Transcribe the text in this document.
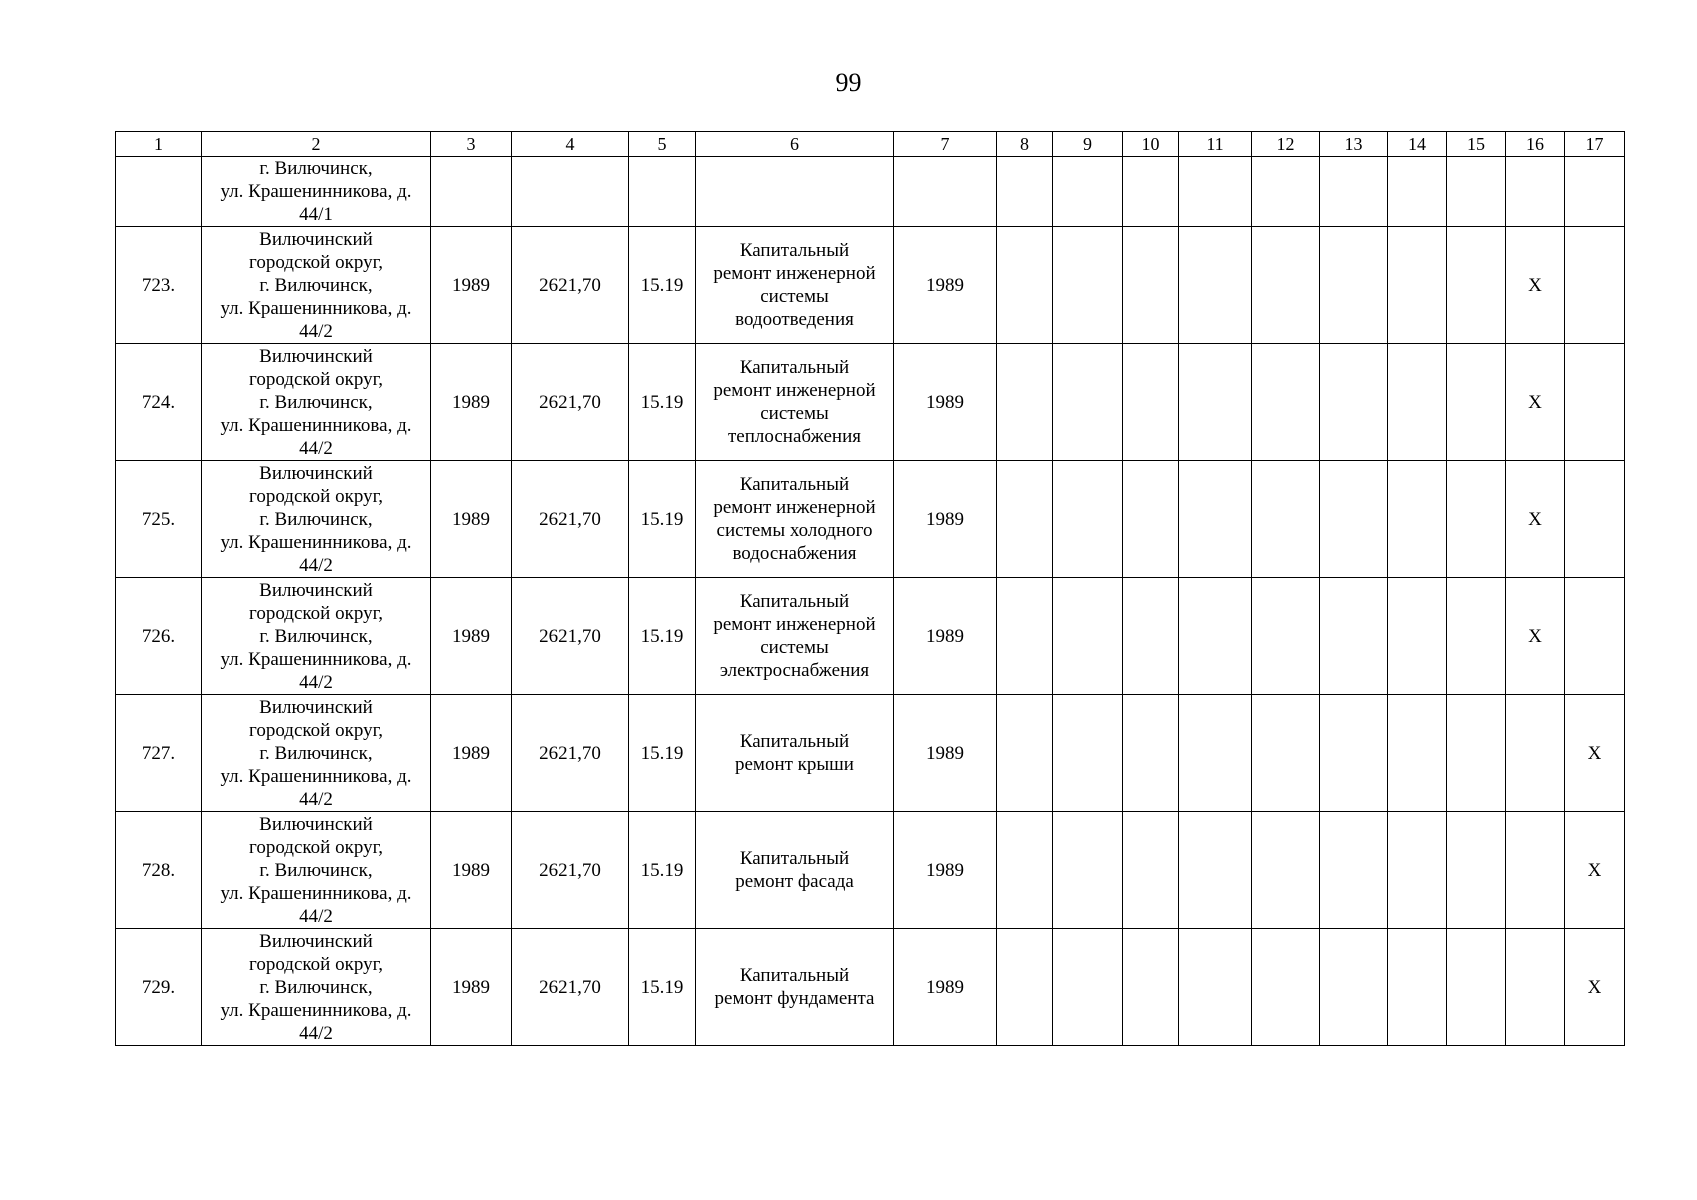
99
1	2	3	4	5	6	7	8	9	10	11	12	13	14	15	16	17
	г. Вилючинск,
ул. Крашенинникова, д.
44/1															
723.	Вилючинский
городской округ,
г. Вилючинск,
ул. Крашенинникова, д.
44/2	1989	2621,70	15.19	Капитальный
ремонт инженерной
системы
водоотведения	1989									X	
724.	Вилючинский
городской округ,
г. Вилючинск,
ул. Крашенинникова, д.
44/2	1989	2621,70	15.19	Капитальный
ремонт инженерной
системы
теплоснабжения	1989									X	
725.	Вилючинский
городской округ,
г. Вилючинск,
ул. Крашенинникова, д.
44/2	1989	2621,70	15.19	Капитальный
ремонт инженерной
системы холодного
водоснабжения	1989									X	
726.	Вилючинский
городской округ,
г. Вилючинск,
ул. Крашенинникова, д.
44/2	1989	2621,70	15.19	Капитальный
ремонт инженерной
системы
электроснабжения	1989									X	
727.	Вилючинский
городской округ,
г. Вилючинск,
ул. Крашенинникова, д.
44/2	1989	2621,70	15.19	Капитальный
ремонт крыши	1989										X
728.	Вилючинский
городской округ,
г. Вилючинск,
ул. Крашенинникова, д.
44/2	1989	2621,70	15.19	Капитальный
ремонт фасада	1989										X
729.	Вилючинский
городской округ,
г. Вилючинск,
ул. Крашенинникова, д.
44/2	1989	2621,70	15.19	Капитальный
ремонт фундамента	1989										X
